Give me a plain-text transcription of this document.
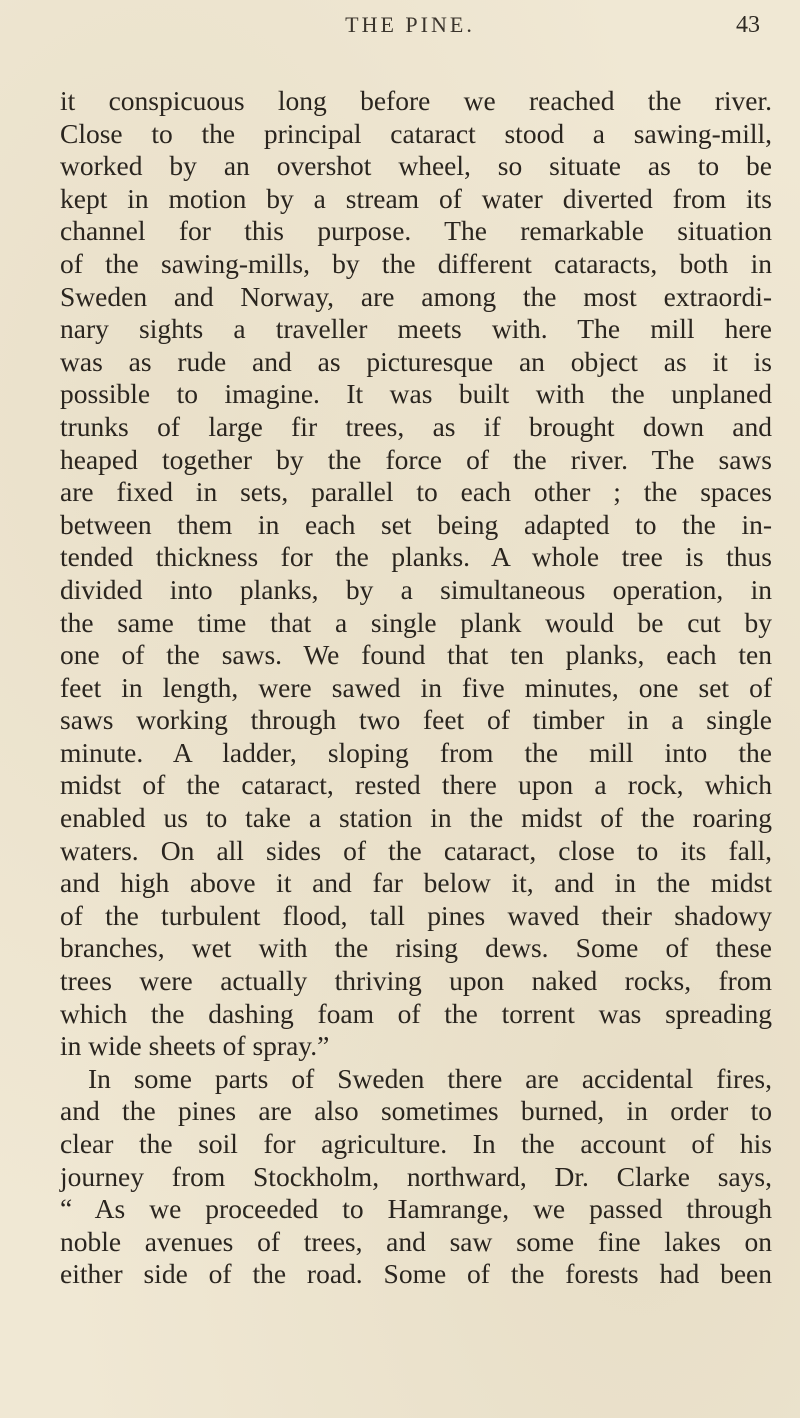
THE PINE.	43
it conspicuous long before we reached the river.
Close to the principal cataract stood a sawing-mill,
worked by an overshot wheel, so situate as to be
kept in motion by a stream of water diverted from its
channel for this purpose. The remarkable situation
of the sawing-mills, by the different cataracts, both in
Sweden and Norway, are among the most extraordi-
nary sights a traveller meets with. The mill here
was as rude and as picturesque an object as it is
possible to imagine. It was built with the unplaned
trunks of large fir trees, as if brought down and
heaped together by the force of the river. The saws
are fixed in sets, parallel to each other ; the spaces
between them in each set being adapted to the in-
tended thickness for the planks. A whole tree is thus
divided into planks, by a simultaneous operation, in
the same time that a single plank would be cut by
one of the saws. We found that ten planks, each ten
feet in length, were sawed in five minutes, one set of
saws working through two feet of timber in a single
minute. A ladder, sloping from the mill into the
midst of the cataract, rested there upon a rock, which
enabled us to take a station in the midst of the roaring
waters. On all sides of the cataract, close to its fall,
and high above it and far below it, and in the midst
of the turbulent flood, tall pines waved their shadowy
branches, wet with the rising dews. Some of these
trees were actually thriving upon naked rocks, from
which the dashing foam of the torrent was spreading
in wide sheets of spray.”
In some parts of Sweden there are accidental fires,
and the pines are also sometimes burned, in order to
clear the soil for agriculture. In the account of his
journey from Stockholm, northward, Dr. Clarke says,
“ As we proceeded to Hamrange, we passed through
noble avenues of trees, and saw some fine lakes on
either side of the road. Some of the forests had been
